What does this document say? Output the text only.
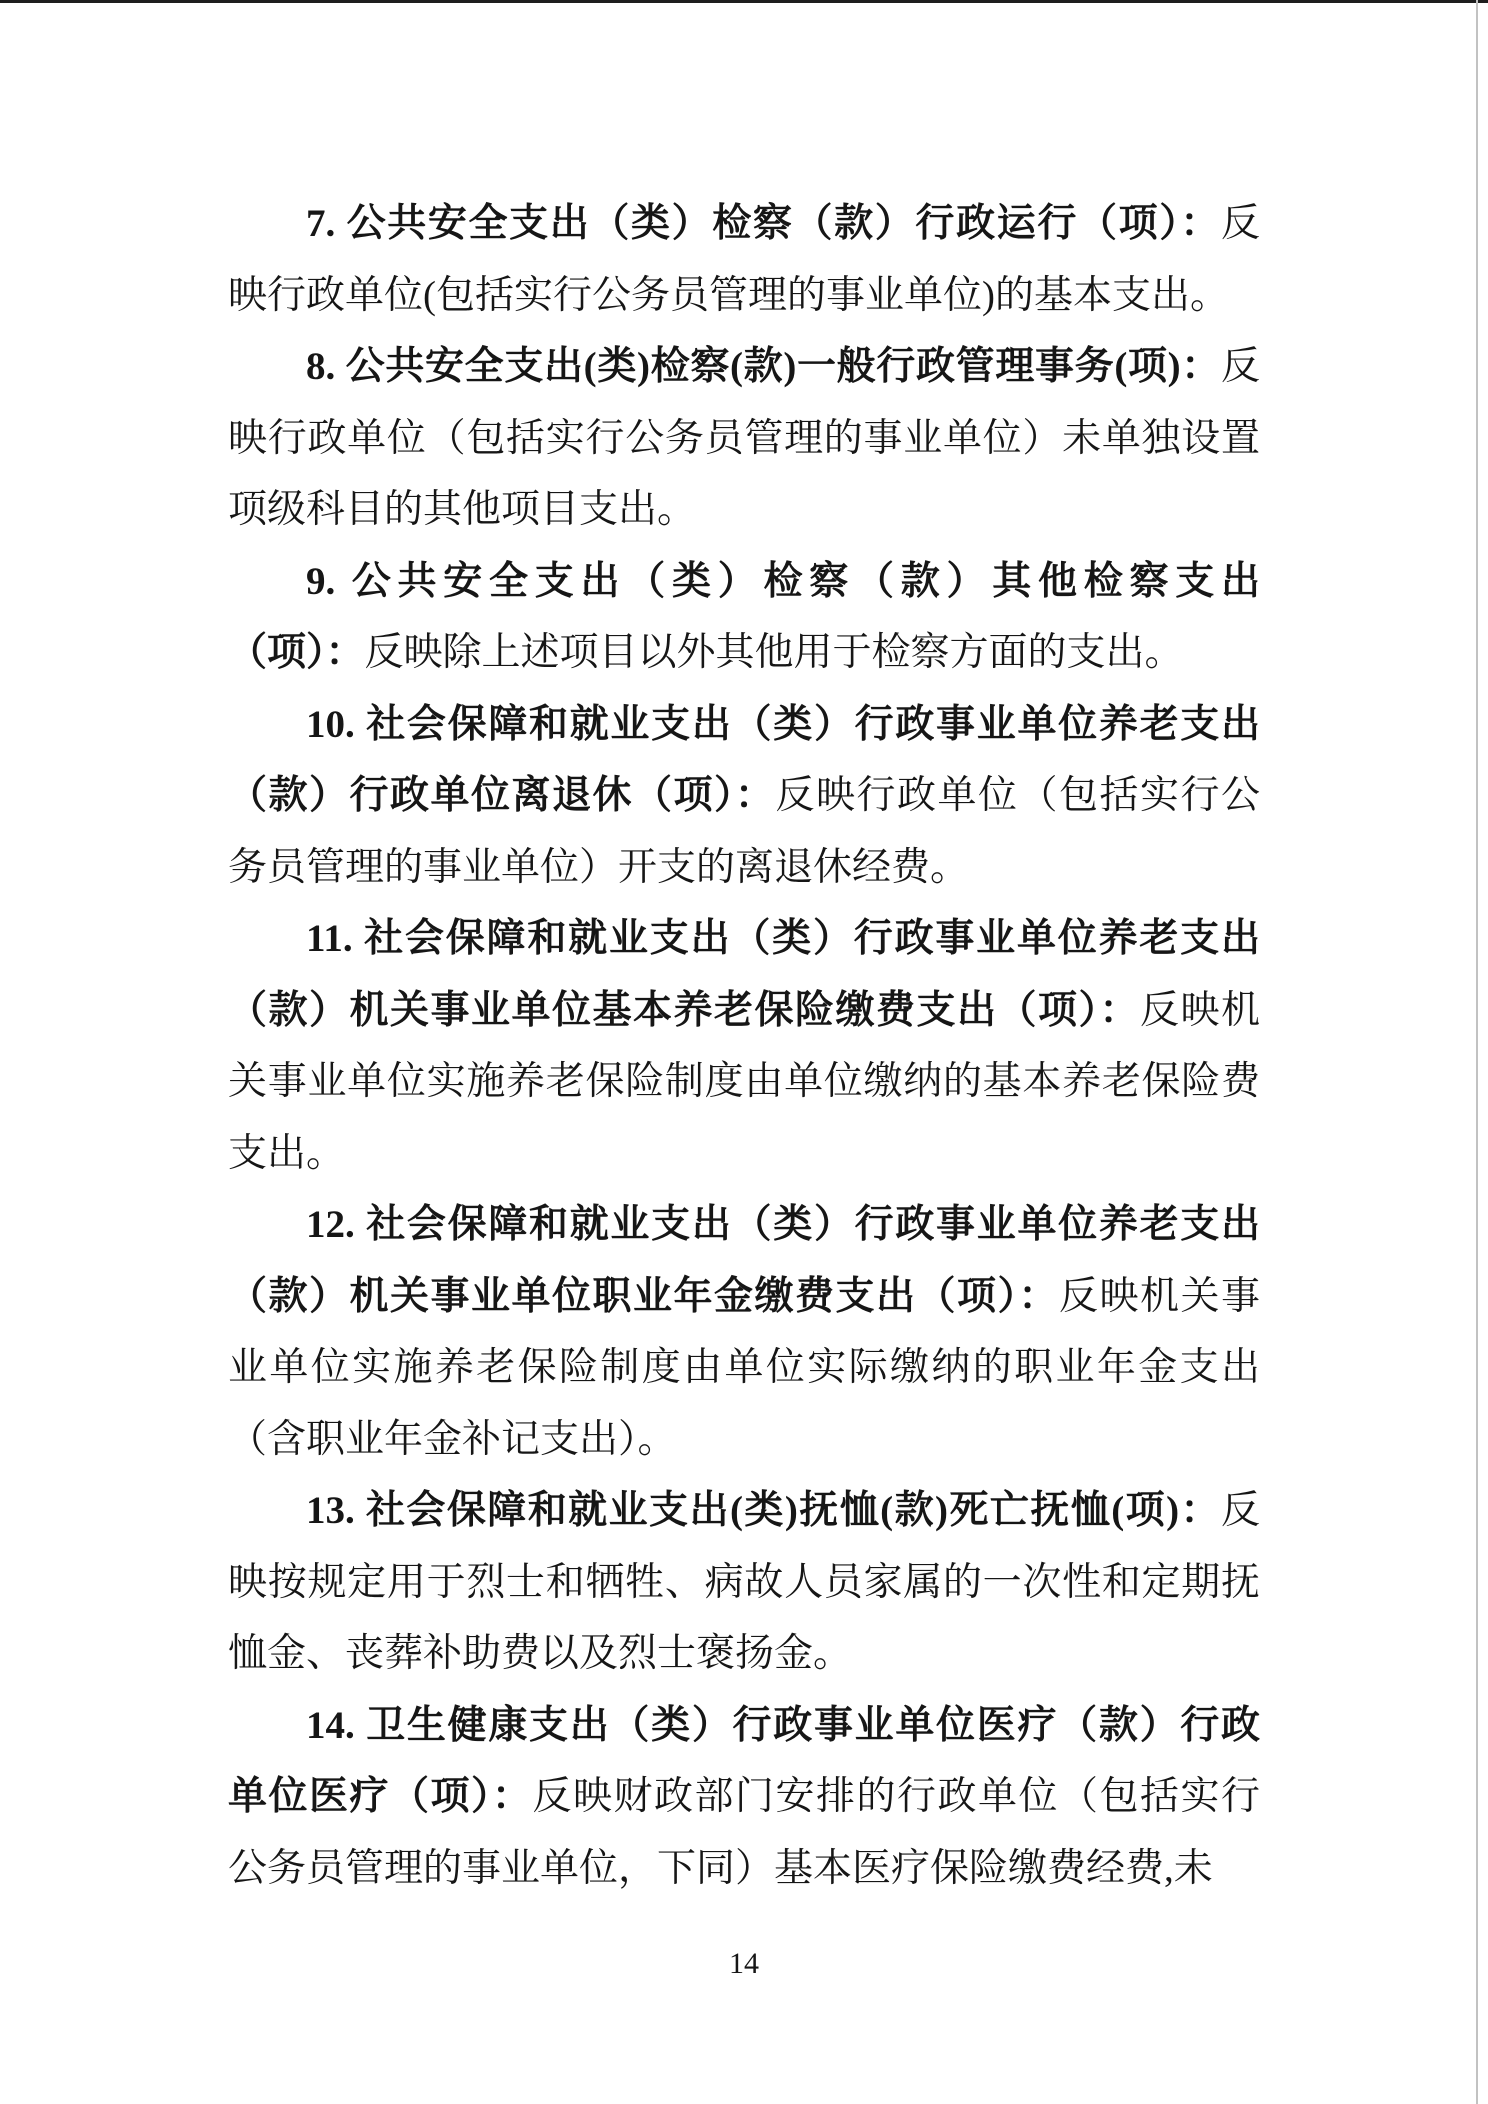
7. 公共安全支出（类）检察（款）行政运行（项）：反映行政单位(包括实行公务员管理的事业单位)的基本支出。

8. 公共安全支出(类)检察(款)一般行政管理事务(项)：反映行政单位（包括实行公务员管理的事业单位）未单独设置项级科目的其他项目支出。

9. 公共安全支出（类）检察（款）其他检察支出（项）：反映除上述项目以外其他用于检察方面的支出。

10. 社会保障和就业支出（类）行政事业单位养老支出（款）行政单位离退休（项）：反映行政单位（包括实行公务员管理的事业单位）开支的离退休经费。

11. 社会保障和就业支出（类）行政事业单位养老支出（款）机关事业单位基本养老保险缴费支出（项）：反映机关事业单位实施养老保险制度由单位缴纳的基本养老保险费支出。

12. 社会保障和就业支出（类）行政事业单位养老支出（款）机关事业单位职业年金缴费支出（项）：反映机关事业单位实施养老保险制度由单位实际缴纳的职业年金支出（含职业年金补记支出）。

13. 社会保障和就业支出(类)抚恤(款)死亡抚恤(项)：反映按规定用于烈士和牺牲、病故人员家属的一次性和定期抚恤金、丧葬补助费以及烈士褒扬金。

14. 卫生健康支出（类）行政事业单位医疗（款）行政单位医疗（项）：反映财政部门安排的行政单位（包括实行公务员管理的事业单位，下同）基本医疗保险缴费经费,未

14
